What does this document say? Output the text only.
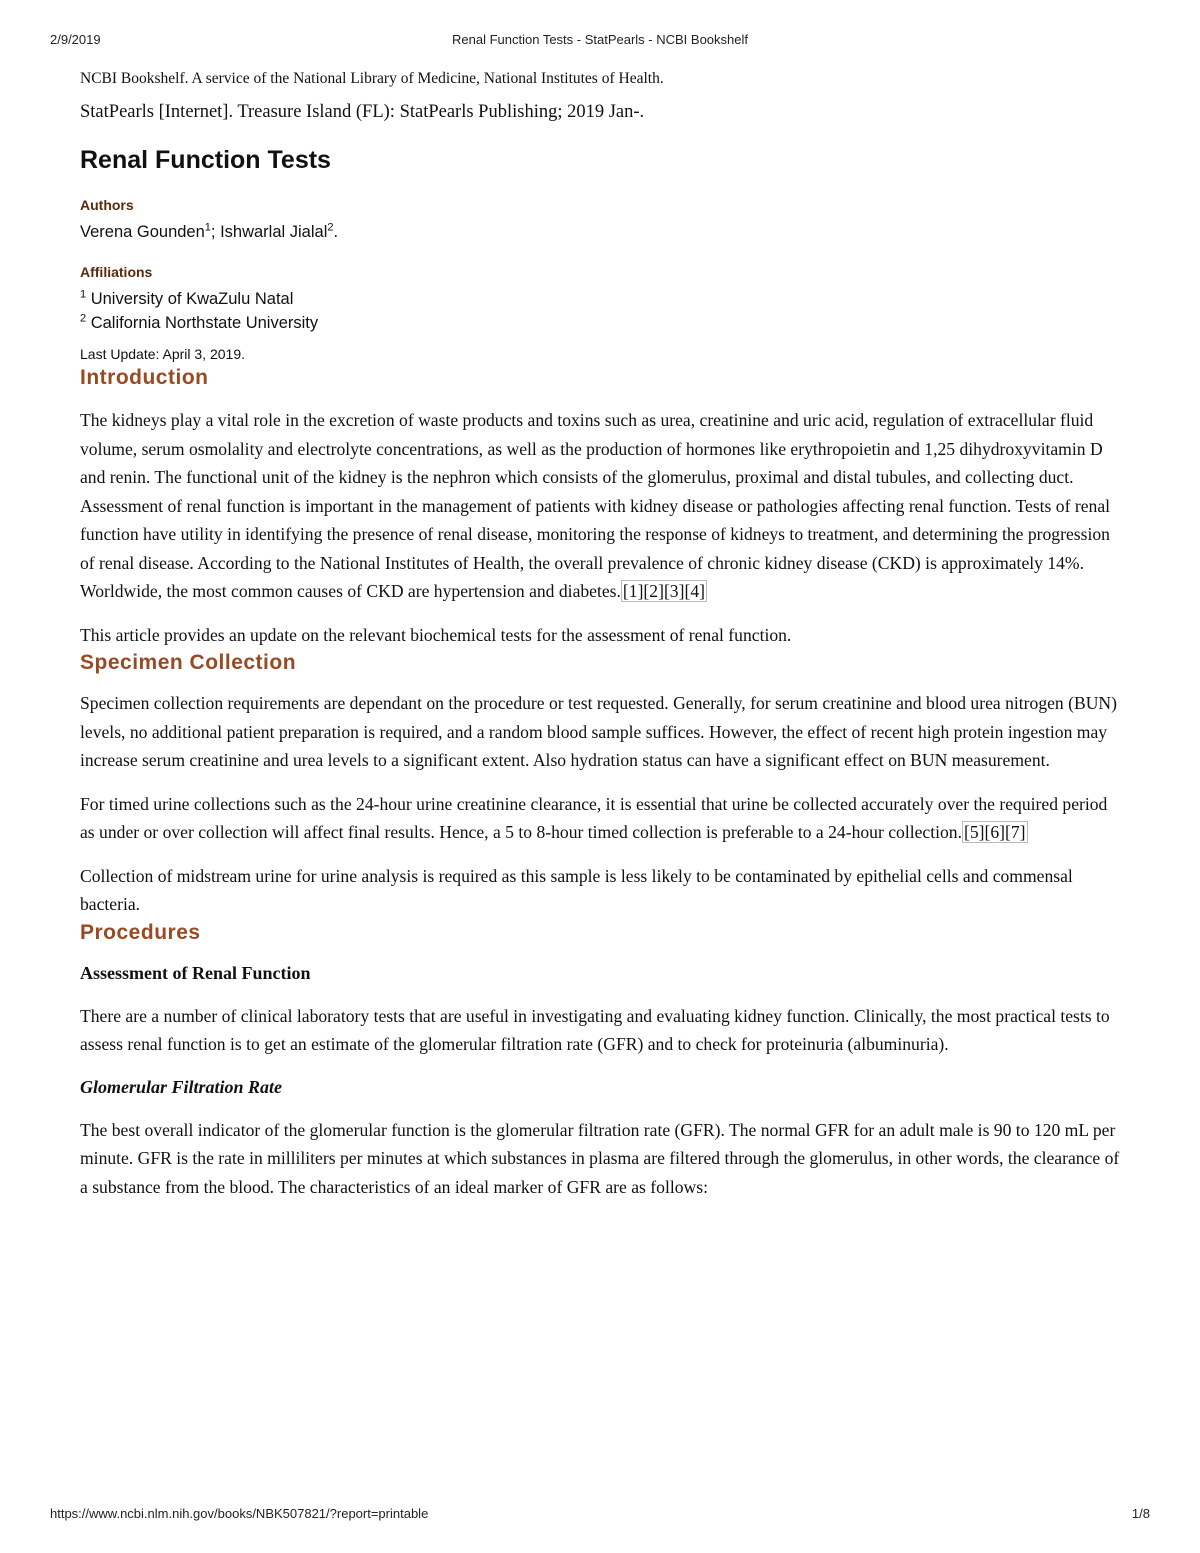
2/9/2019	Renal Function Tests - StatPearls - NCBI Bookshelf

NCBI Bookshelf. A service of the National Library of Medicine, National Institutes of Health.

StatPearls [Internet]. Treasure Island (FL): StatPearls Publishing; 2019 Jan-.

Renal Function Tests

Authors

Verena Gounden$^1$; Ishwarlal Jialal$^2$.

Affiliations

$^1$ University of KwaZulu Natal
$^2$ California Northstate University

Last Update: April 3, 2019.

Introduction

The kidneys play a vital role in the excretion of waste products and toxins such as urea, creatinine and uric acid, regulation of extracellular fluid volume, serum osmolality and electrolyte concentrations, as well as the production of hormones like erythropoietin and 1,25 dihydroxyvitamin D and renin. The functional unit of the kidney is the nephron which consists of the glomerulus, proximal and distal tubules, and collecting duct. Assessment of renal function is important in the management of patients with kidney disease or pathologies affecting renal function. Tests of renal function have utility in identifying the presence of renal disease, monitoring the response of kidneys to treatment, and determining the progression of renal disease. According to the National Institutes of Health, the overall prevalence of chronic kidney disease (CKD) is approximately 14%. Worldwide, the most common causes of CKD are hypertension and diabetes. [1][2][3][4]

This article provides an update on the relevant biochemical tests for the assessment of renal function.

Specimen Collection

Specimen collection requirements are dependant on the procedure or test requested. Generally, for serum creatinine and blood urea nitrogen (BUN) levels, no additional patient preparation is required, and a random blood sample suffices. However, the effect of recent high protein ingestion may increase serum creatinine and urea levels to a significant extent. Also hydration status can have a significant effect on BUN measurement.

For timed urine collections such as the 24-hour urine creatinine clearance, it is essential that urine be collected accurately over the required period as under or over collection will affect final results. Hence, a 5 to 8-hour timed collection is preferable to a 24-hour collection. [5][6][7]

Collection of midstream urine for urine analysis is required as this sample is less likely to be contaminated by epithelial cells and commensal bacteria.

Procedures
Assessment of Renal Function

There are a number of clinical laboratory tests that are useful in investigating and evaluating kidney function. Clinically, the most practical tests to assess renal function is to get an estimate of the glomerular filtration rate (GFR) and to check for proteinuria (albuminuria).

Glomerular Filtration Rate

The best overall indicator of the glomerular function is the glomerular filtration rate (GFR). The normal GFR for an adult male is 90 to 120 mL per minute. GFR is the rate in milliliters per minutes at which substances in plasma are filtered through the glomerulus, in other words, the clearance of a substance from the blood. The characteristics of an ideal marker of GFR are as follows:

https://www.ncbi.nlm.nih.gov/books/NBK507821/?report=printable	1/8
